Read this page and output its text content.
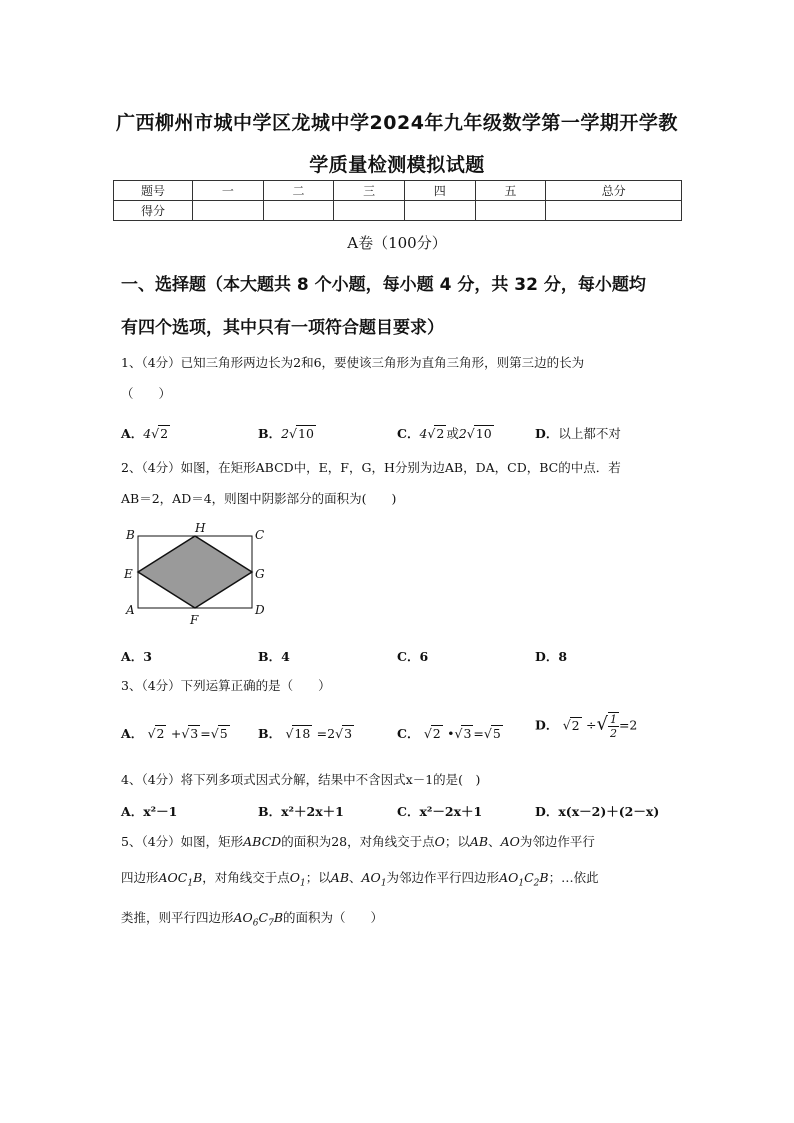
广西柳州市城中学区龙城中学2024年九年级数学第一学期开学教
学质量检测模拟试题
题号	一	二	三	四	五	总分
得分						
A卷（100分）
一、选择题（本大题共 8 个小题，每小题 4 分，共 32 分，每小题均
有四个选项，其中只有一项符合题目要求）
1、（4分）已知三角形两边长为2和6，要使该三角形为直角三角形，则第三边的长为
（　　）
A．4√2	B．2√10	C．4√2 或2√10	D．以上都不对
2、（4分）如图，在矩形ABCD中，E，F，G，H分别为边AB，DA，CD，BC的中点．若
AB＝2，AD＝4，则图中阴影部分的面积为(　　)
B	H	C
E	G
A
F
D
A．3	B．4	C．6	D．8
3、（4分）下列运算正确的是（　　）
A． √2 +√3 =√5 B． √18 =2√3	C． √2 •√3 =√5
D． √2 ÷√ $\frac{1}{2} =2$
4、（4分）将下列多项式因式分解，结果中不含因式x－1的是(　)
A．x²－1	B．x²＋2x＋1	C．x²－2x＋1	D．x(x－2)＋(2－x)
5、（4分）如图，矩形ABCD的面积为28，对角线交于点O；以AB、AO为邻边作平行
四边形$AOC_1B$，对角线交于点$O_1$；以AB、$AO_1$为邻边作平行四边形$AO_1C_2B$；…依此
类推，则平行四边形$AO_6C_7B$的面积为（　　）
